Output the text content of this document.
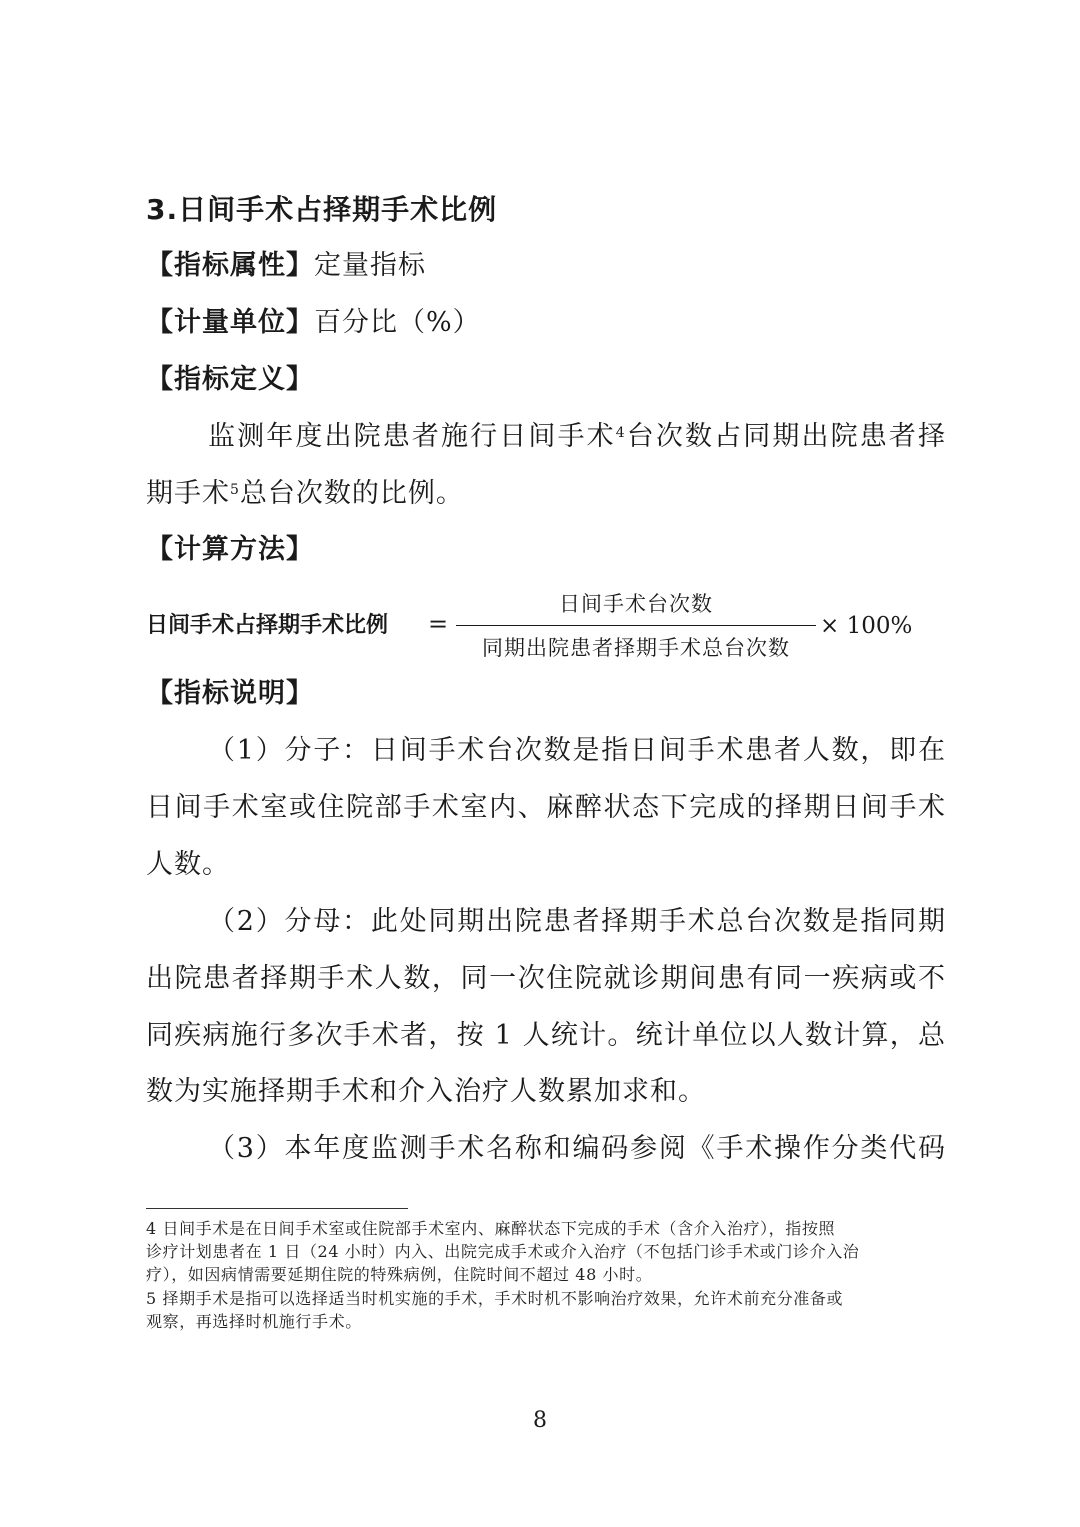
3.日间手术占择期手术比例
【指标属性】定量指标
【计量单位】百分比（%）
【指标定义】
监测年度出院患者施行日间手术$^4$台次数占同期出院患者择
期手术$^5$总台次数的比例。
【计算方法】
日间手术占择期手术比例 =
日间手术台次数
同期出院患者择期手术总台次数
× 100%
【指标说明】
（1）分子：日间手术台次数是指日间手术患者人数，即在
日间手术室或住院部手术室内、麻醉状态下完成的择期日间手术
人数。
（2）分母：此处同期出院患者择期手术总台次数是指同期
出院患者择期手术人数，同一次住院就诊期间患有同一疾病或不
同疾病施行多次手术者，按 1 人统计。统计单位以人数计算，总
数为实施择期手术和介入治疗人数累加求和。
（3）本年度监测手术名称和编码参阅《手术操作分类代码
4 日间手术是在日间手术室或住院部手术室内、麻醉状态下完成的手术（含介入治疗），指按照
诊疗计划患者在 1 日（24 小时）内入、出院完成手术或介入治疗（不包括门诊手术或门诊介入治
疗），如因病情需要延期住院的特殊病例，住院时间不超过 48 小时。
5 择期手术是指可以选择适当时机实施的手术，手术时机不影响治疗效果，允许术前充分准备或
观察，再选择时机施行手术。
8
